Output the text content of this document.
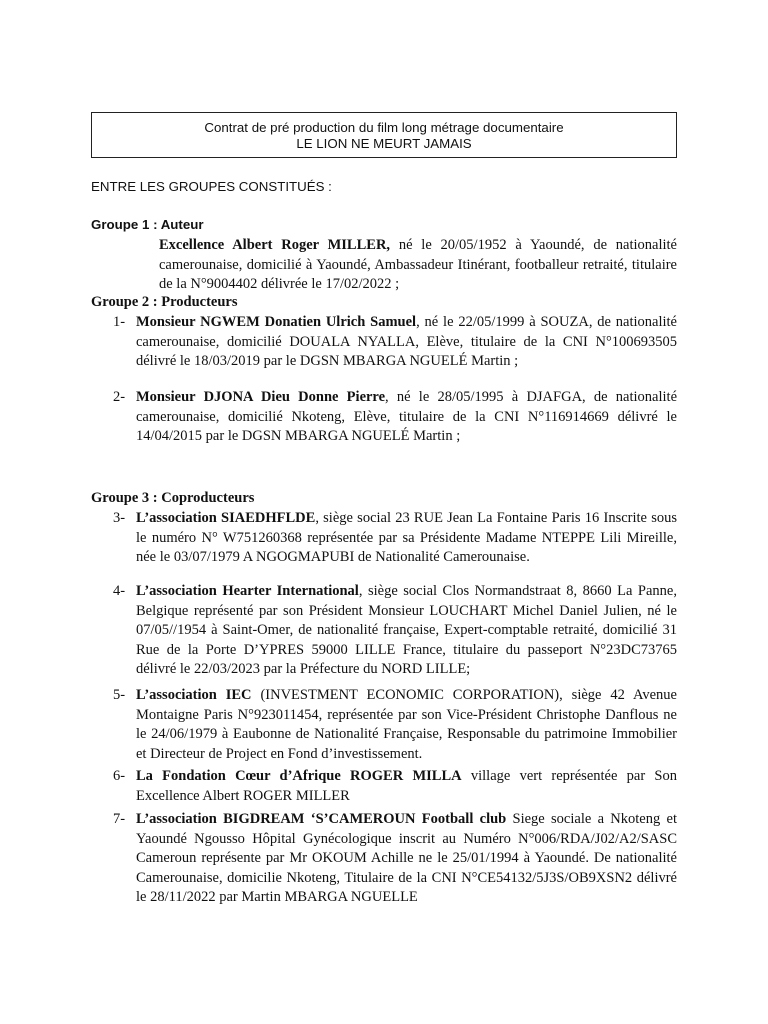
Contrat de pré production du film long métrage documentaire
LE LION NE MEURT JAMAIS
ENTRE LES GROUPES CONSTITUÉS :
Groupe 1 : Auteur
Excellence Albert Roger MILLER, né le 20/05/1952 à Yaoundé, de nationalité camerounaise, domicilié à Yaoundé, Ambassadeur Itinérant, footballeur retraité, titulaire de la N°9004402 délivrée le 17/02/2022 ;
Groupe 2 : Producteurs
1- Monsieur NGWEM Donatien Ulrich Samuel, né le 22/05/1999 à SOUZA, de nationalité camerounaise, domicilié DOUALA NYALLA, Elève, titulaire de la CNI N°100693505 délivré le 18/03/2019 par le DGSN MBARGA NGUELÉ Martin ;
2- Monsieur DJONA Dieu Donne Pierre, né le 28/05/1995 à DJAFGA, de nationalité camerounaise, domicilié Nkoteng, Elève, titulaire de la CNI N°116914669 délivré le 14/04/2015 par le DGSN MBARGA NGUELÉ Martin ;
Groupe 3 : Coproducteurs
3- L’association SIAEDHFLDE, siège social 23 RUE Jean La Fontaine Paris 16 Inscrite sous le numéro N° W751260368 représentée par sa Présidente Madame NTEPPE Lili Mireille, née le 03/07/1979 A NGOGMAPUBI de Nationalité Camerounaise.
4- L’association Hearter International, siège social Clos Normandstraat 8, 8660 La Panne, Belgique représenté par son Président Monsieur LOUCHART Michel Daniel Julien, né le 07/05//1954 à Saint-Omer, de nationalité française, Expert-comptable retraité, domicilié 31 Rue de la Porte D’YPRES 59000 LILLE France, titulaire du passeport N°23DC73765 délivré le 22/03/2023 par la Préfecture du NORD LILLE;
5- L’association IEC (INVESTMENT ECONOMIC CORPORATION), siège 42 Avenue Montaigne Paris N°923011454, représentée par son Vice-Président Christophe Danflous ne le 24/06/1979 à Eaubonne de Nationalité Française, Responsable du patrimoine Immobilier et Directeur de Project en Fond d’investissement.
6- La Fondation Cœur d’Afrique ROGER MILLA village vert représentée par Son Excellence Albert ROGER MILLER
7- L’association BIGDREAM ‘S’CAMEROUN Football club Siege sociale a Nkoteng et Yaoundé Ngousso Hôpital Gynécologique inscrit au Numéro N°006/RDA/J02/A2/SASC Cameroun représente par Mr OKOUM Achille ne le 25/01/1994 à Yaoundé. De nationalité Camerounaise, domicilie Nkoteng, Titulaire de la CNI N°CE54132/5J3S/OB9XSN2 délivré le 28/11/2022 par Martin MBARGA NGUELLE
